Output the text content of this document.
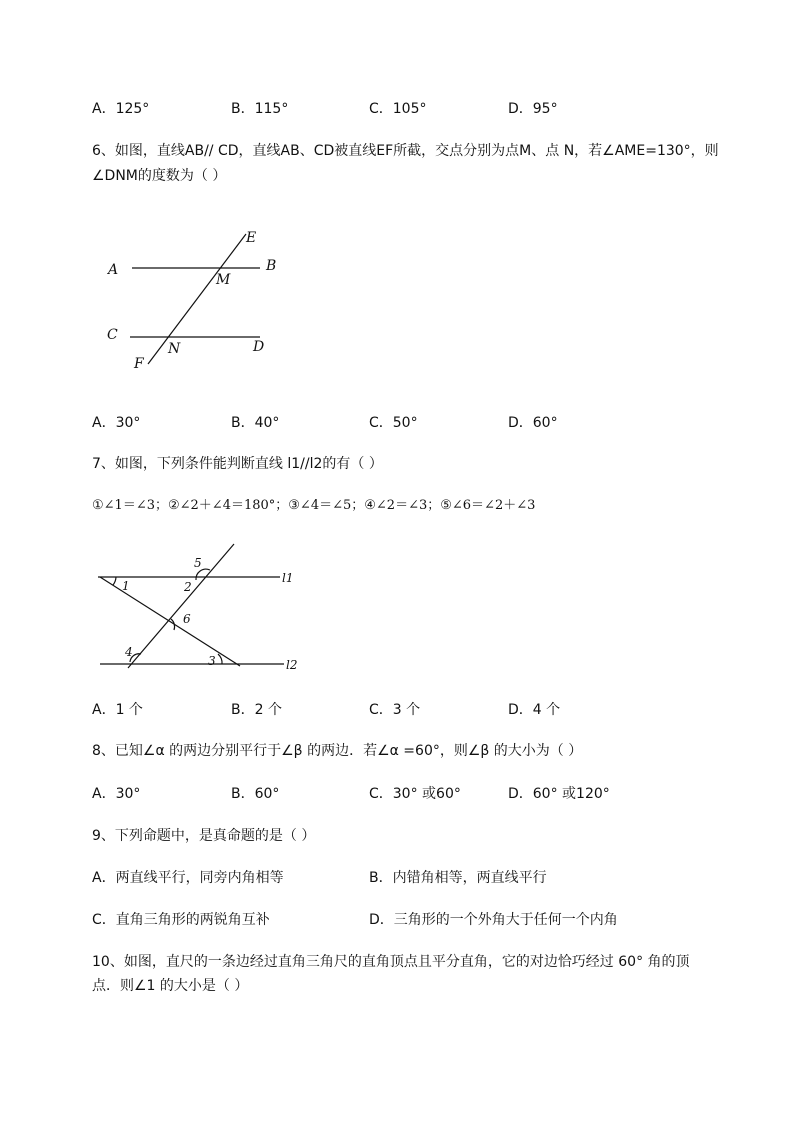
A．125°	B．115°	C．105°	D．95°
6、如图，直线AB// CD，直线AB、CD被直线EF所截，交点分别为点M、点 N，若∠AME=130°，则
∠DNM的度数为（ ）
A	B
C
D
E
F
M
N
A．30°	B．40°	C．50°	D．60°
7、如图，下列条件能判断直线 l1//l2的有（ ）
①∠1＝∠3；②∠2＋∠4＝180°；③∠4＝∠5；④∠2＝∠3；⑤∠6＝∠2＋∠3
1	2
3
4
5
6
l1
l2
A．1 个	B．2 个	C．3 个	D．4 个
8、已知∠α 的两边分别平行于∠β 的两边．若∠α =60°，则∠β 的大小为（ ）
A．30°	B．60°	C．30° 或60°	D．60° 或120°
9、下列命题中，是真命题的是（ ）
A．两直线平行，同旁内角相等	B．内错角相等，两直线平行
C．直角三角形的两锐角互补	D．三角形的一个外角大于任何一个内角
10、如图，直尺的一条边经过直角三角尺的直角顶点且平分直角，它的对边恰巧经过 60° 角的顶
点．则∠1 的大小是（ ）
